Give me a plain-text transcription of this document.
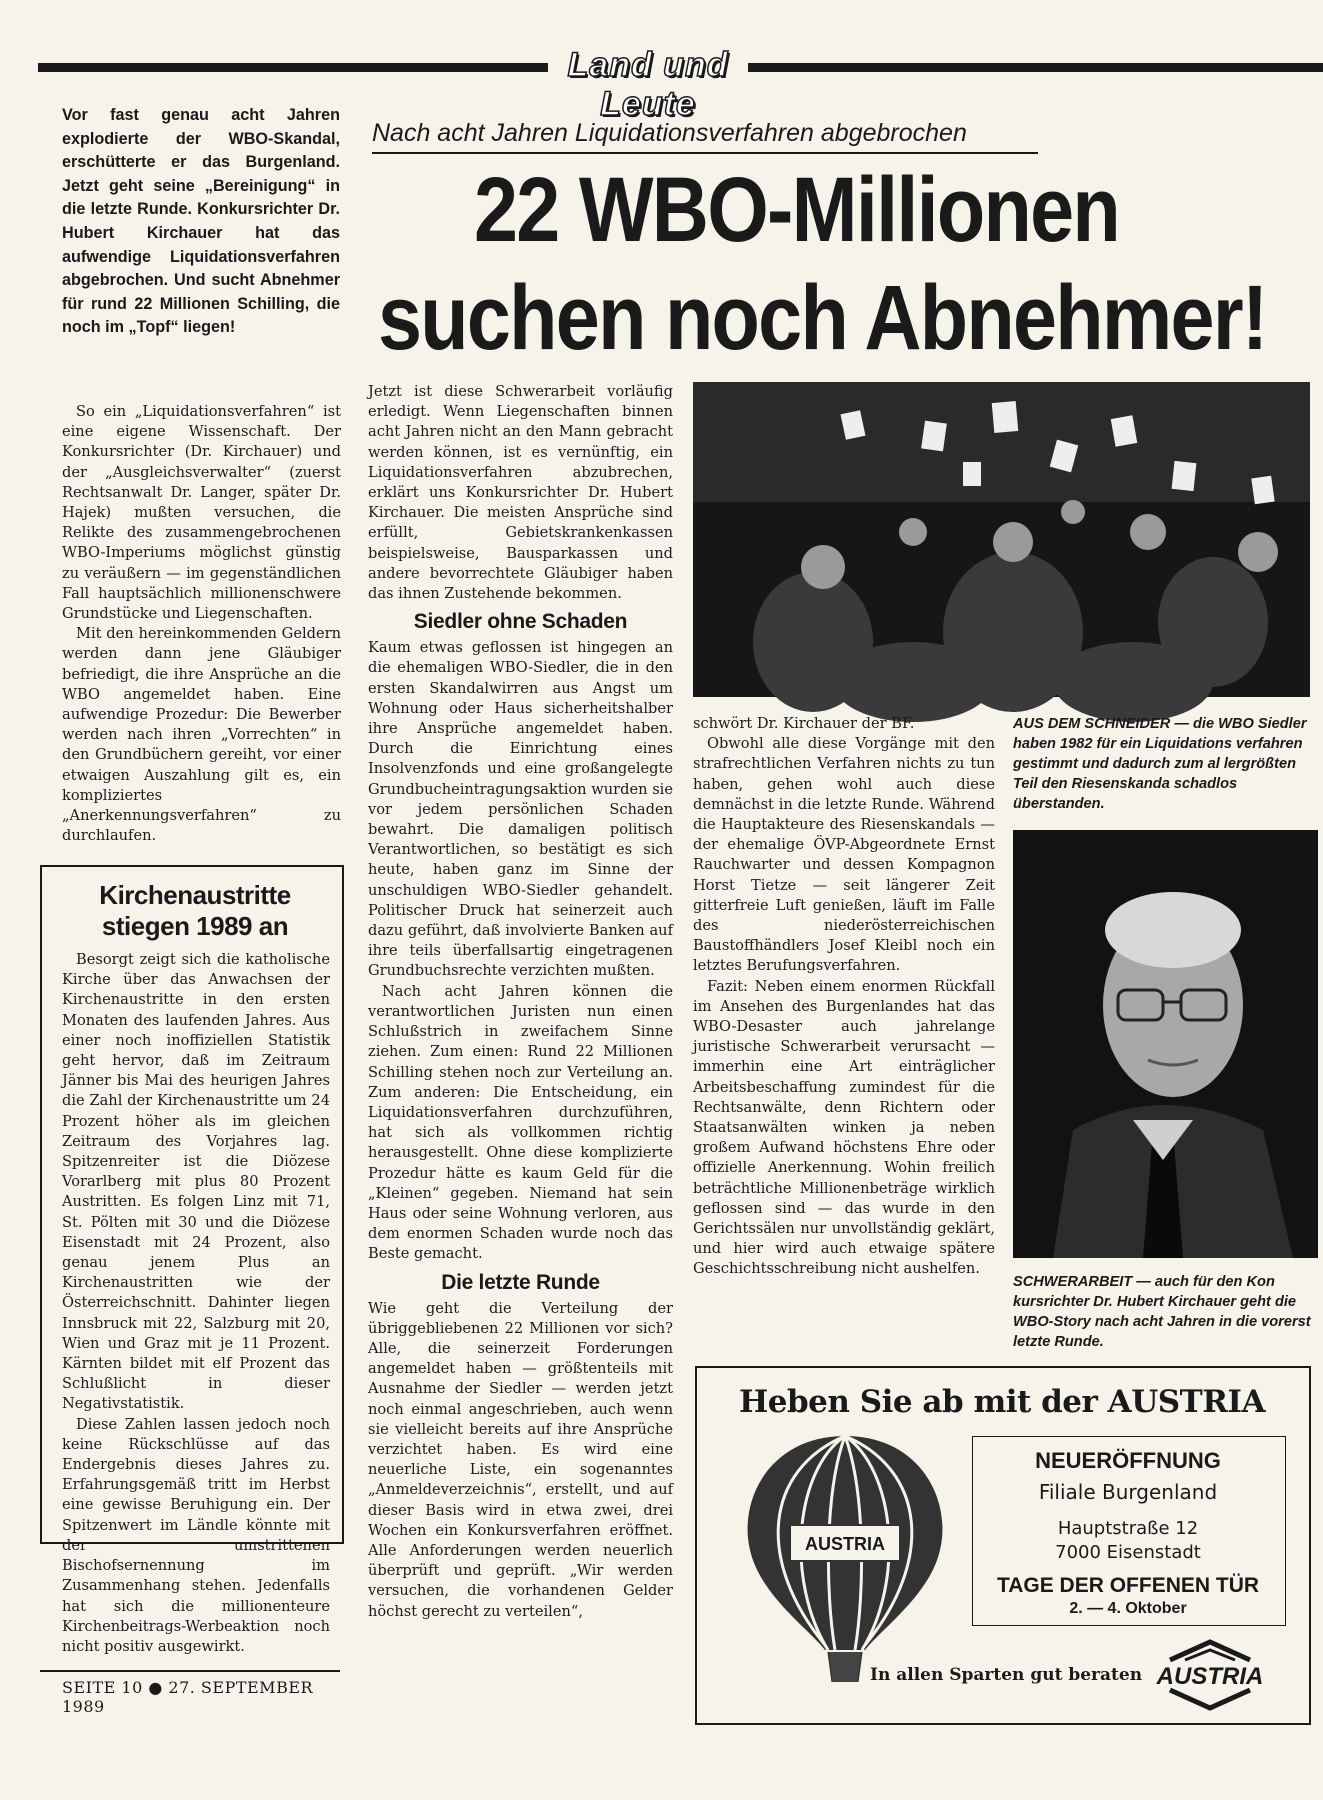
Land und Leute
Vor fast genau acht Jahren explodierte der WBO-Skandal, erschütterte er das Burgenland. Jetzt geht seine „Bereinigung“ in die letzte Runde. Konkursrichter Dr. Hubert Kirchauer hat das aufwendige Liquidationsverfahren abgebrochen. Und sucht Abnehmer für rund 22 Millionen Schilling, die noch im „Topf“ liegen!
Nach acht Jahren Liquidationsverfahren abgebrochen
22 WBO-Millionen
suchen noch Abnehmer!

So ein „Liquidationsverfahren“ ist eine eigene Wissenschaft. Der Konkursrichter (Dr. Kirchauer) und der „Ausgleichsverwalter“ (zuerst Rechtsanwalt Dr. Langer, später Dr. Hajek) mußten versuchen, die Relikte des zusammengebrochenen WBO-Imperiums möglichst günstig zu veräußern — im gegenständlichen Fall hauptsächlich millionenschwere Grundstücke und Liegenschaften.

Mit den hereinkommenden Geldern werden dann jene Gläubiger befriedigt, die ihre Ansprüche an die WBO angemeldet haben. Eine aufwendige Prozedur: Die Bewerber werden nach ihren „Vorrechten“ in den Grundbüchern gereiht, vor einer etwaigen Auszahlung gilt es, ein kompliziertes „Anerkennungsverfahren“ zu durchlaufen.

Kirchenaustritte stiegen 1989 an

Besorgt zeigt sich die katholische Kirche über das Anwachsen der Kirchenaustritte in den ersten Monaten des laufenden Jahres. Aus einer noch inoffiziellen Statistik geht hervor, daß im Zeitraum Jänner bis Mai des heurigen Jahres die Zahl der Kirchenaustritte um 24 Prozent höher als im gleichen Zeitraum des Vorjahres lag. Spitzenreiter ist die Diözese Vorarlberg mit plus 80 Prozent Austritten. Es folgen Linz mit 71, St. Pölten mit 30 und die Diözese Eisenstadt mit 24 Prozent, also genau jenem Plus an Kirchenaustritten wie der Österreichschnitt. Dahinter liegen Innsbruck mit 22, Salzburg mit 20, Wien und Graz mit je 11 Prozent. Kärnten bildet mit elf Prozent das Schlußlicht in dieser Negativstatistik.

Diese Zahlen lassen jedoch noch keine Rückschlüsse auf das Endergebnis dieses Jahres zu. Erfahrungsgemäß tritt im Herbst eine gewisse Beruhigung ein. Der Spitzenwert im Ländle könnte mit der umstrittenen Bischofsernennung im Zusammenhang stehen. Jedenfalls hat sich die millionenteure Kirchenbeitrags-Werbeaktion noch nicht positiv ausgewirkt.

SEITE 10 ● 27. SEPTEMBER 1989

Jetzt ist diese Schwerarbeit vorläufig erledigt. Wenn Liegenschaften binnen acht Jahren nicht an den Mann gebracht werden können, ist es vernünftig, ein Liquidationsverfahren abzubrechen, erklärt uns Konkursrichter Dr. Hubert Kirchauer. Die meisten Ansprüche sind erfüllt, Gebietskrankenkassen beispielsweise, Bausparkassen und andere bevorrechtete Gläubiger haben das ihnen Zustehende bekommen.

Siedler ohne Schaden

Kaum etwas geflossen ist hingegen an die ehemaligen WBO-Siedler, die in den ersten Skandalwirren aus Angst um Wohnung oder Haus sicherheitshalber ihre Ansprüche angemeldet haben. Durch die Einrichtung eines Insolvenzfonds und eine großangelegte Grundbucheintragungsaktion wurden sie vor jedem persönlichen Schaden bewahrt. Die damaligen politisch Verantwortlichen, so bestätigt es sich heute, haben ganz im Sinne der unschuldigen WBO-Siedler gehandelt. Politischer Druck hat seinerzeit auch dazu geführt, daß involvierte Banken auf ihre teils überfallsartig eingetragenen Grundbuchsrechte verzichten mußten.

Nach acht Jahren können die verantwortlichen Juristen nun einen Schlußstrich in zweifachem Sinne ziehen. Zum einen: Rund 22 Millionen Schilling stehen noch zur Verteilung an. Zum anderen: Die Entscheidung, ein Liquidationsverfahren durchzuführen, hat sich als vollkommen richtig herausgestellt. Ohne diese komplizierte Prozedur hätte es kaum Geld für die „Kleinen“ gegeben. Niemand hat sein Haus oder seine Wohnung verloren, aus dem enormen Schaden wurde noch das Beste gemacht.

Die letzte Runde

Wie geht die Verteilung der übriggebliebenen 22 Millionen vor sich? Alle, die seinerzeit Forderungen angemeldet haben — größtenteils mit Ausnahme der Siedler — werden jetzt noch einmal angeschrieben, auch wenn sie vielleicht bereits auf ihre Ansprüche verzichtet haben. Es wird eine neuerliche Liste, ein sogenanntes „Anmeldeverzeichnis“, erstellt, und auf dieser Basis wird in etwa zwei, drei Wochen ein Konkursverfahren eröffnet. Alle Anforderungen werden neuerlich überprüft und geprüft. „Wir werden versuchen, die vorhandenen Gelder höchst gerecht zu verteilen“,

AUS DEM SCHNEIDER — die WBO Siedler haben 1982 für ein Liquidations verfahren gestimmt und dadurch zum al lergrößten Teil den Riesenskanda schadlos überstanden.

schwört Dr. Kirchauer der BF.

Obwohl alle diese Vorgänge mit den strafrechtlichen Verfahren nichts zu tun haben, gehen wohl auch diese demnächst in die letzte Runde. Während die Hauptakteure des Riesenskandals — der ehemalige ÖVP-Abgeordnete Ernst Rauchwarter und dessen Kompagnon Horst Tietze — seit längerer Zeit gitterfreie Luft genießen, läuft im Falle des niederösterreichischen Baustoffhändlers Josef Kleibl noch ein letztes Berufungsverfahren.

Fazit: Neben einem enormen Rückfall im Ansehen des Burgenlandes hat das WBO-Desaster auch jahrelange juristische Schwerarbeit verursacht — immerhin eine Art einträglicher Arbeitsbeschaffung zumindest für die Rechtsanwälte, denn Richtern oder Staatsanwälten winken ja neben großem Aufwand höchstens Ehre oder offizielle Anerkennung. Wohin freilich beträchtliche Millionenbeträge wirklich geflossen sind — das wurde in den Gerichtssälen nur unvollständig geklärt, und hier wird auch etwaige spätere Geschichtsschreibung nicht aushelfen.

SCHWERARBEIT — auch für den Kon kursrichter Dr. Hubert Kirchauer geht die WBO-Story nach acht Jahren in die vorerst letzte Runde.
Heben Sie ab mit der AUSTRIA
AUSTRIA
NEUERÖFFNUNG
Filiale Burgenland
Hauptstraße 12
7000 Eisenstadt
TAGE DER OFFENEN TÜR
2. — 4. Oktober
In allen Sparten gut beraten AUSTRIA
